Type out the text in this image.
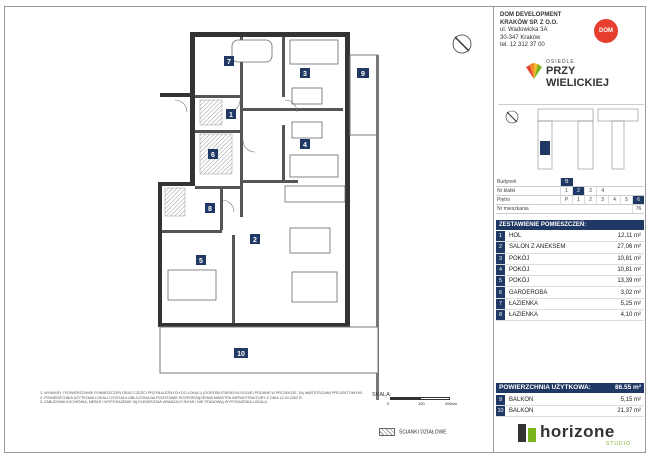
1
2
3
4
5
6
7
8
9
10
1. WYMIARY I POWIERZCHNIE POMIESZCZEŃ ORAZ CZĘŚCI PRZYNALEŻNYCH DO LOKALU (OGRÓDKI/TARASY/LOGGIE) PODANE W PROJEKCIE, SĄ WARTOŚCIAMI PROJEKTOWYMI.
2. POWIERZCHNIA UŻYTKOWA LOKALU ZOSTAŁA OBLICZONA NA PODSTAWIE ROZPORZĄDZENIA MINISTRA INFRASTRUKTURY Z DNIA 12.04.2002 R.
3. ZABUDOWA KUCHENNA, MEBLE I WYPOSAŻENIE SĄ ELEMENTAMI ARANŻACYJNYMI I NIE STANOWIĄ WYPOSAŻENIA LOKALU.
SKALA:
0	100	200cm
ŚCIANKI DZIAŁOWE
DOM DEVELOPMENT
KRAKÓW SP. Z O.O.
ul. Wadowicka 3A
30-347 Kraków
tel. 12 312 37 00
DOM
OSIEDLE
PRZY
WIELICKIEJ
Budynek	B						
Nr klatki	1	2	3	4			
Piętro	P	1	2	3	4	5	6
Nr mieszkania							76
ZESTAWIENIE POMIESZCZEŃ:
1	HOL	12,11 m²
2	SALON Z ANEKSEM	27,06 m²
3	POKÓJ	10,81 m²
4	POKÓJ	10,81 m²
5	POKÓJ	13,39 m²
6	GARDEROBA	3,02 m²
7	ŁAZIENKA	5,25 m²
8	ŁAZIENKA	4,10 m²
POWIERZCHNIA UŻYTKOWA:	86.55 m²
9	BALKON	5,15 m²
10	BALKON	21,37 m²
horizone
STUDIO
